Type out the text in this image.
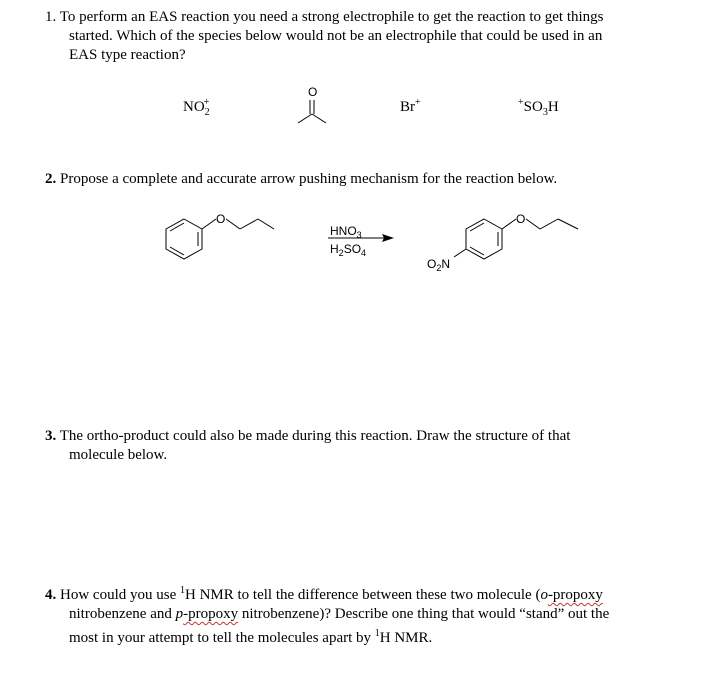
1. To perform an EAS reaction you need a strong electrophile to get the reaction to get things
started. Which of the species below would not be an electrophile that could be used in an
EAS type reaction?
$NO_2^+$
O
Br+	$^+SO_3H$
2. Propose a complete and accurate arrow pushing mechanism for the reaction below.
O
$HNO_3$
$H_2SO_4$
O
$O_2N$
3. The ortho-product could also be made during this reaction. Draw the structure of that
molecule below.
4. How could you use $^1$H NMR to tell the difference between these two molecule (o-propoxy
nitrobenzene and p-propoxy nitrobenzene)? Describe one thing that would “stand” out the
most in your attempt to tell the molecules apart by $^1$H NMR.
